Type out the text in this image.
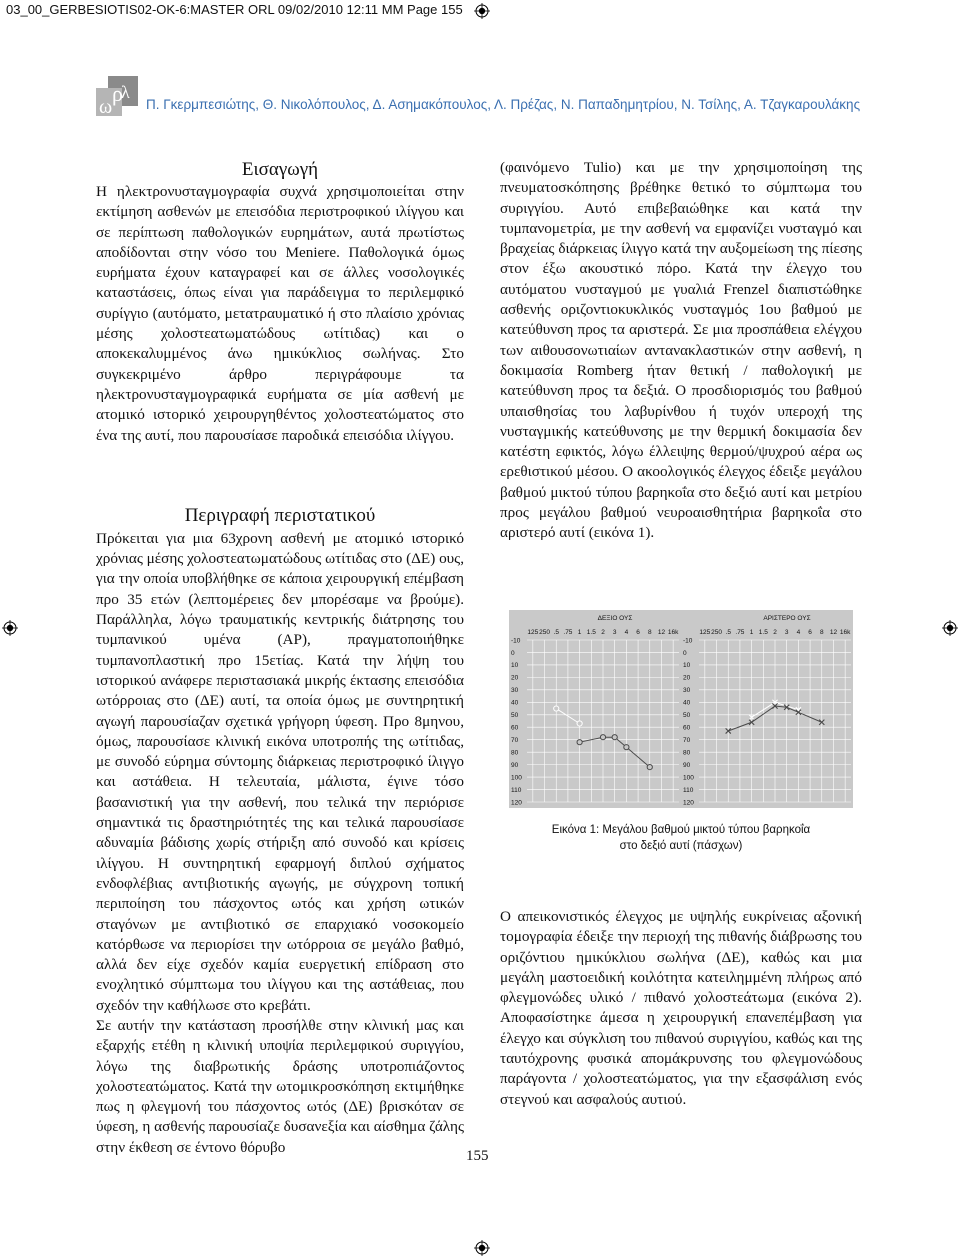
03_00_GERBESIOTIS02-OK-6:MASTER ORL 09/02/2010 12:11 ΜΜ Page 155
ρ
ω
λ
Π. Γκερμπεσιώτης, Θ. Νικολόπουλος, Δ. Ασημακόπουλος, Λ. Πρέζας, Ν. Παπαδημητρίου, Ν. Τσίλης, Α. Τζαγκαρουλάκης
Εισαγωγή

Η ηλεκτρονυσταγμογραφία συχνά χρησιμοποιείται στην εκτίμηση ασθενών με επεισόδια περιστροφικού ιλίγγου και σε περίπτωση παθολογικών ευρημάτων, αυτά πρωτίστως αποδίδονται στην νόσο του Meniere. Παθολογικά όμως ευρήματα έχουν καταγραφεί και σε άλλες νοσολογικές καταστάσεις, όπως είναι για παράδειγμα το περιλεμφικό συρίγγιο (αυτόματο, μετατραυματικό ή στο πλαίσιο χρόνιας μέσης χολοστεατωματώδους ωτίτιδας) και ο αποκεκαλυμμένος άνω ημικύκλιος σωλήνας. Στο συγκεκριμένο άρθρο περιγράφουμε τα ηλεκτρονυσταγμογραφικά ευρήματα σε μία ασθενή με ατομικό ιστορικό χειρουργηθέντος χολοστεατώματος στο ένα της αυτί, που παρουσίασε παροδικά επεισόδια ιλίγγου.

Περιγραφή περιστατικού

Πρόκειται για μια 63χρονη ασθενή με ατομικό ιστορικό χρόνιας μέσης χολοστεατωματώδους ωτίτιδας στο (ΔΕ) ους, για την οποία υποβλήθηκε σε κάποια χειρουργική επέμβαση προ 35 ετών (λεπτομέρειες δεν μπορέσαμε να βρούμε). Παράλληλα, λόγω τραυματικής κεντρικής διάτρησης του τυμπανικού υμένα (ΑΡ), πραγματοποιήθηκε τυμπανοπλαστική προ 15ετίας. Κατά την λήψη του ιστορικού ανάφερε περιστασιακά μικρής έκτασης επεισόδια ωτόρροιας στο (ΔΕ) αυτί, τα οποία όμως με συντηρητική αγωγή παρουσίαζαν σχετικά γρήγορη ύφεση. Προ 8μηνου, όμως, παρουσίασε κλινική εικόνα υποτροπής της ωτίτιδας, με συνοδό εύρημα σύντομης διάρκειας περιστροφικό ίλιγγο και αστάθεια. Η τελευταία, μάλιστα, έγινε τόσο βασανιστική για την ασθενή, που τελικά την περιόρισε σημαντικά τις δραστηριότητές της και τελικά παρουσίασε αδυναμία βάδισης χωρίς στήριξη από συνοδό και κρίσεις ιλίγγου. Η συντηρητική εφαρμογή διπλού σχήματος ενδοφλέβιας αντιβιοτικής αγωγής, με σύγχρονη τοπική περιποίηση του πάσχοντος ωτός και χρήση ωτικών σταγόνων με αντιβιοτικό σε επαρχιακό νοσοκομείο κατόρθωσε να περιορίσει την ωτόρροια σε μεγάλο βαθμό, αλλά δεν είχε σχεδόν καμία ευεργετική επίδραση στο ενοχλητικό σύμπτωμα του ιλίγγου και της αστάθειας, που σχεδόν την καθήλωσε στο κρεβάτι.

Σε αυτήν την κατάσταση προσήλθε στην κλινική μας και εξαρχής ετέθη η κλινική υποψία περιλεμφικού συριγγίου, λόγω της διαβρωτικής δράσης υποτροπιάζοντος χολοστεατώματος. Κατά την ωτομικροσκόπηση εκτιμήθηκε πως η φλεγμονή του πάσχοντος ωτός (ΔΕ) βρισκόταν σε ύφεση, η ασθενής παρουσίαζε δυσανεξία και αίσθημα ζάλης στην έκθεση σε έντονο θόρυβο

(φαινόμενο Tulio) και με την χρησιμοποίηση της πνευματοσκόπησης βρέθηκε θετικό το σύμπτωμα του συριγγίου. Αυτό επιβεβαιώθηκε και κατά την τυμπανομετρία, με την ασθενή να εμφανίζει νυσταγμό και βραχείας διάρκειας ίλιγγο κατά την αυξομείωση της πίεσης στον έξω ακουστικό πόρο. Κατά την έλεγχο του αυτόματου νυσταγμού με γυαλιά Frenzel διαπιστώθηκε ασθενής οριζοντιοκυκλικός νυσταγμός 1ου βαθμού με κατεύθυνση προς τα αριστερά. Σε μια προσπάθεια ελέγχου των αιθουσονωτιαίων αντανακλαστικών στην ασθενή, η δοκιμασία Romberg ήταν θετική / παθολογική με κατεύθυνση προς τα δεξιά. Ο προσδιορισμός του βαθμού υπαισθησίας του λαβυρίνθου ή τυχόν υπεροχή της νυσταγμικής κατεύθυνσης με την θερμική δοκιμασία δεν κατέστη εφικτός, λόγω έλλειψης θερμού/ψυχρού αέρα ως ερεθιστικού μέσου. Ο ακοολογικός έλεγχος έδειξε μεγάλου βαθμού μικτού τύπου βαρηκοΐα στο δεξιό αυτί και μετρίου προς μεγάλου βαθμού νευροαισθητήρια βαρηκοΐα στο αριστερό αυτί (εικόνα 1).

ΔΕΞΙΟ ΟΥΣ
125 250 .5 .75 1 1.5 2 3 4 6 8 12 16k
-10
0
10
20
30
40
50
60
70
80
90
100
110
120
ΑΡΙΣΤΕΡΟ ΟΥΣ
125 250 .5 .75 1 1.5 2 3 4 6 8 12 16k
-10
0
10
20
30
40
50
60
70
80
90
100
110
120
Εικόνα 1: Μεγάλου βαθμού μικτού τύπου βαρηκοΐα
στο δεξιό αυτί (πάσχων)

Ο απεικονιστικός έλεγχος με υψηλής ευκρίνειας αξονική τομογραφία έδειξε την περιοχή της πιθανής διάβρωσης του οριζόντιου ημικύκλιου σωλήνα (ΔΕ), καθώς και μια μεγάλη μαστοειδική κοιλότητα κατειλημμένη πλήρως από φλεγμονώδες υλικό / πιθανό χολοστεάτωμα (εικόνα 2). Αποφασίστηκε άμεσα η χειρουργική επανεπέμβαση για έλεγχο και σύγκλιση του πιθανού συριγγίου, καθώς και της ταυτόχρονης φυσικά απομάκρυνσης του φλεγμονώδους παράγοντα / χολοστεατώματος, για την εξασφάλιση ενός στεγνού και ασφαλούς αυτιού.

155
